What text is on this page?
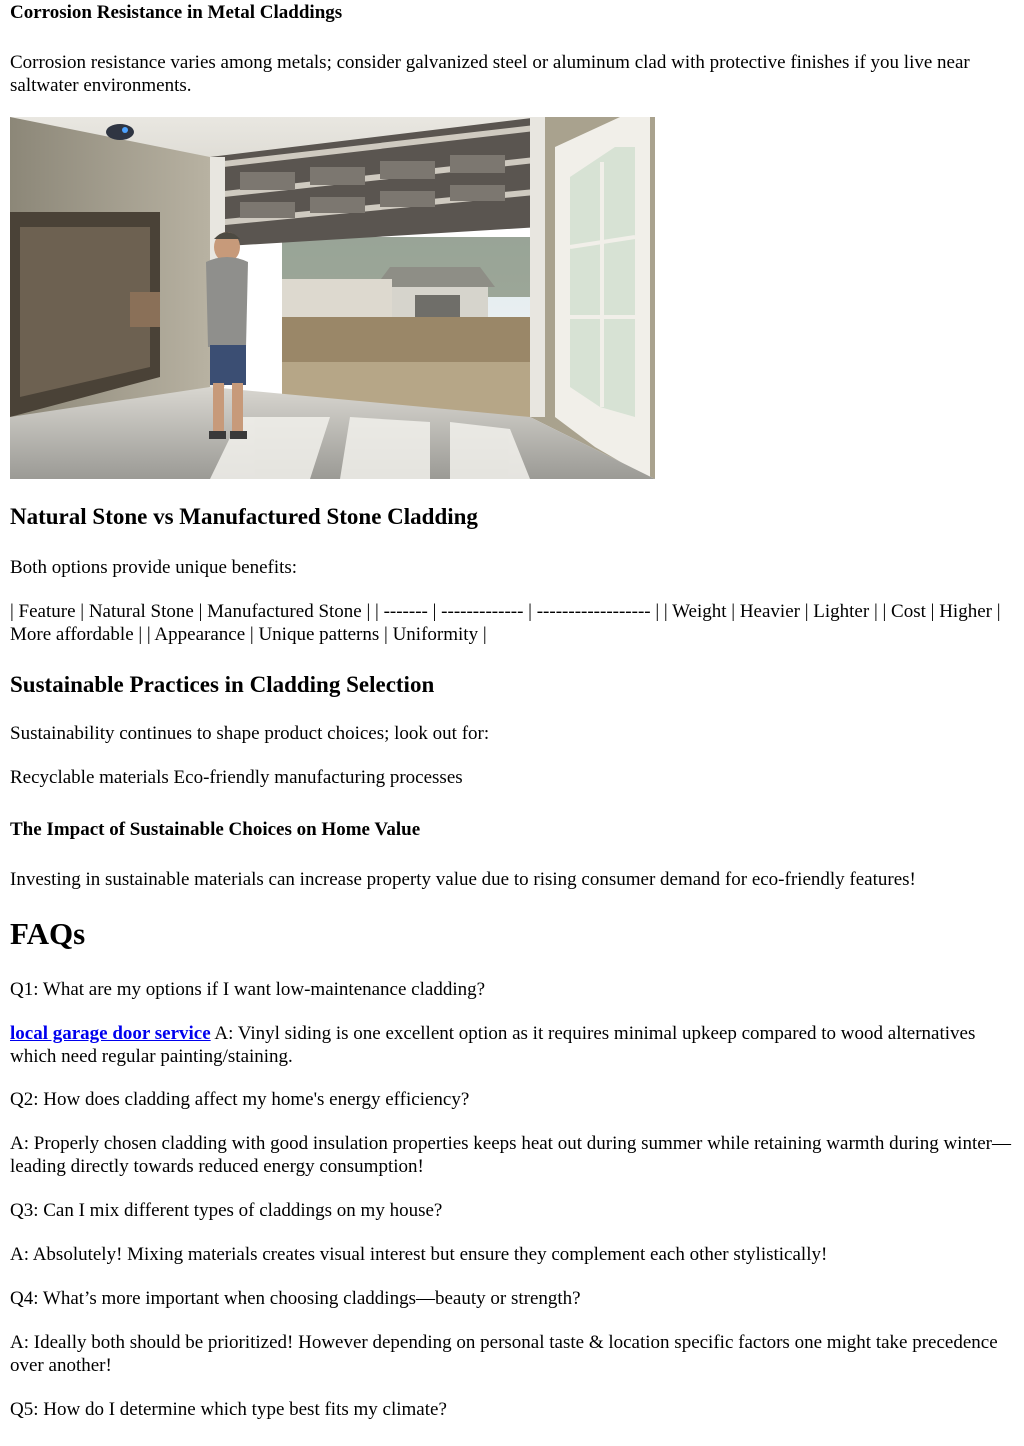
Corrosion Resistance in Metal Claddings

Corrosion resistance varies among metals; consider galvanized steel or aluminum clad with protective finishes if you live near saltwater environments.

Natural Stone vs Manufactured Stone Cladding

Both options provide unique benefits:

| Feature | Natural Stone | Manufactured Stone | | ------- | ------------- | ------------------ | | Weight | Heavier | Lighter | | Cost | Higher | More affordable | | Appearance | Unique patterns | Uniformity |

Sustainable Practices in Cladding Selection

Sustainability continues to shape product choices; look out for:

Recyclable materials Eco-friendly manufacturing processes

The Impact of Sustainable Choices on Home Value

Investing in sustainable materials can increase property value due to rising consumer demand for eco-friendly features!

FAQs

Q1: What are my options if I want low-maintenance cladding?

local garage door service A: Vinyl siding is one excellent option as it requires minimal upkeep compared to wood alternatives which need regular painting/staining.

Q2: How does cladding affect my home's energy efficiency?

A: Properly chosen cladding with good insulation properties keeps heat out during summer while retaining warmth during winter—leading directly towards reduced energy consumption!

Q3: Can I mix different types of claddings on my house?

A: Absolutely! Mixing materials creates visual interest but ensure they complement each other stylistically!

Q4: What’s more important when choosing claddings—beauty or strength?

A: Ideally both should be prioritized! However depending on personal taste & location specific factors one might take precedence over another!

Q5: How do I determine which type best fits my climate?
